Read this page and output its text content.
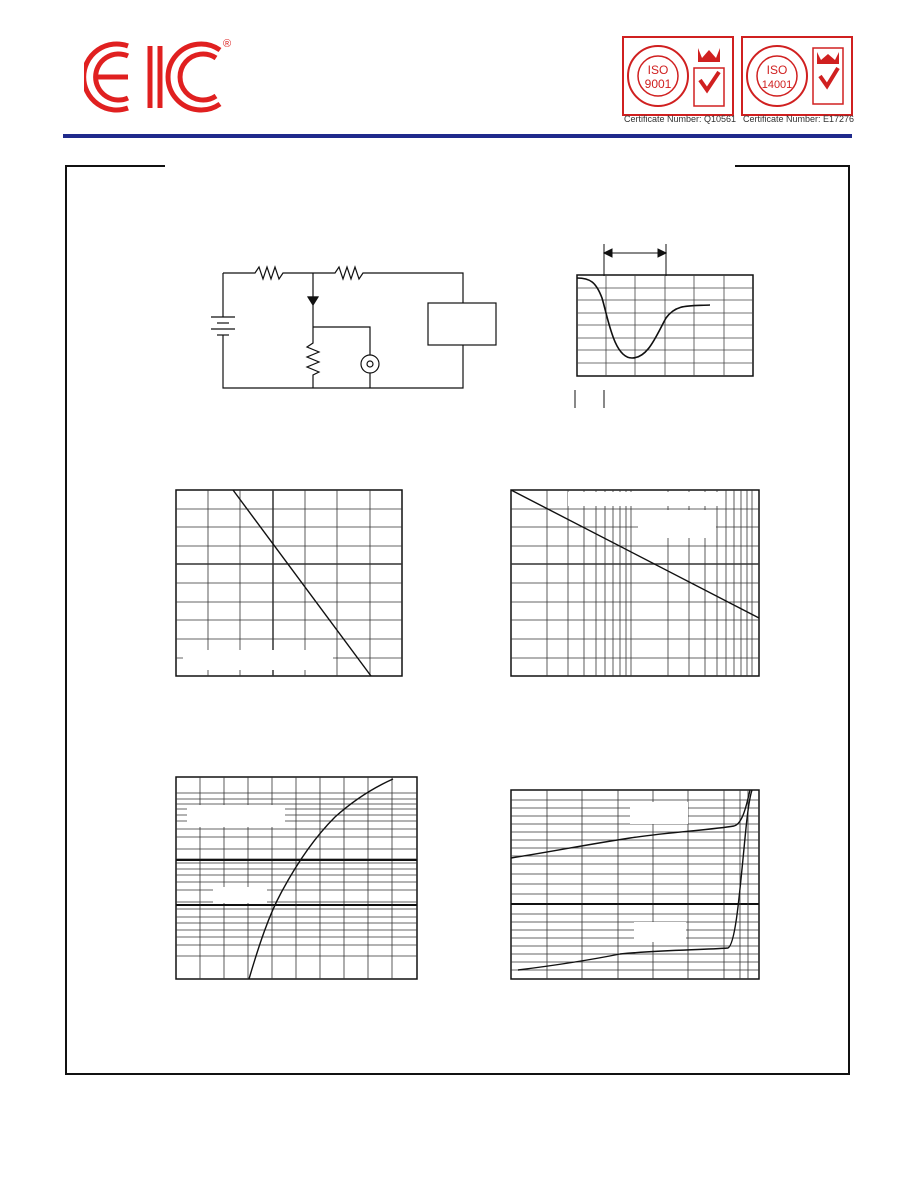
®
ISO
9001
Certificate Number: Q10561
ISO
14001
Certificate Number: E17276
